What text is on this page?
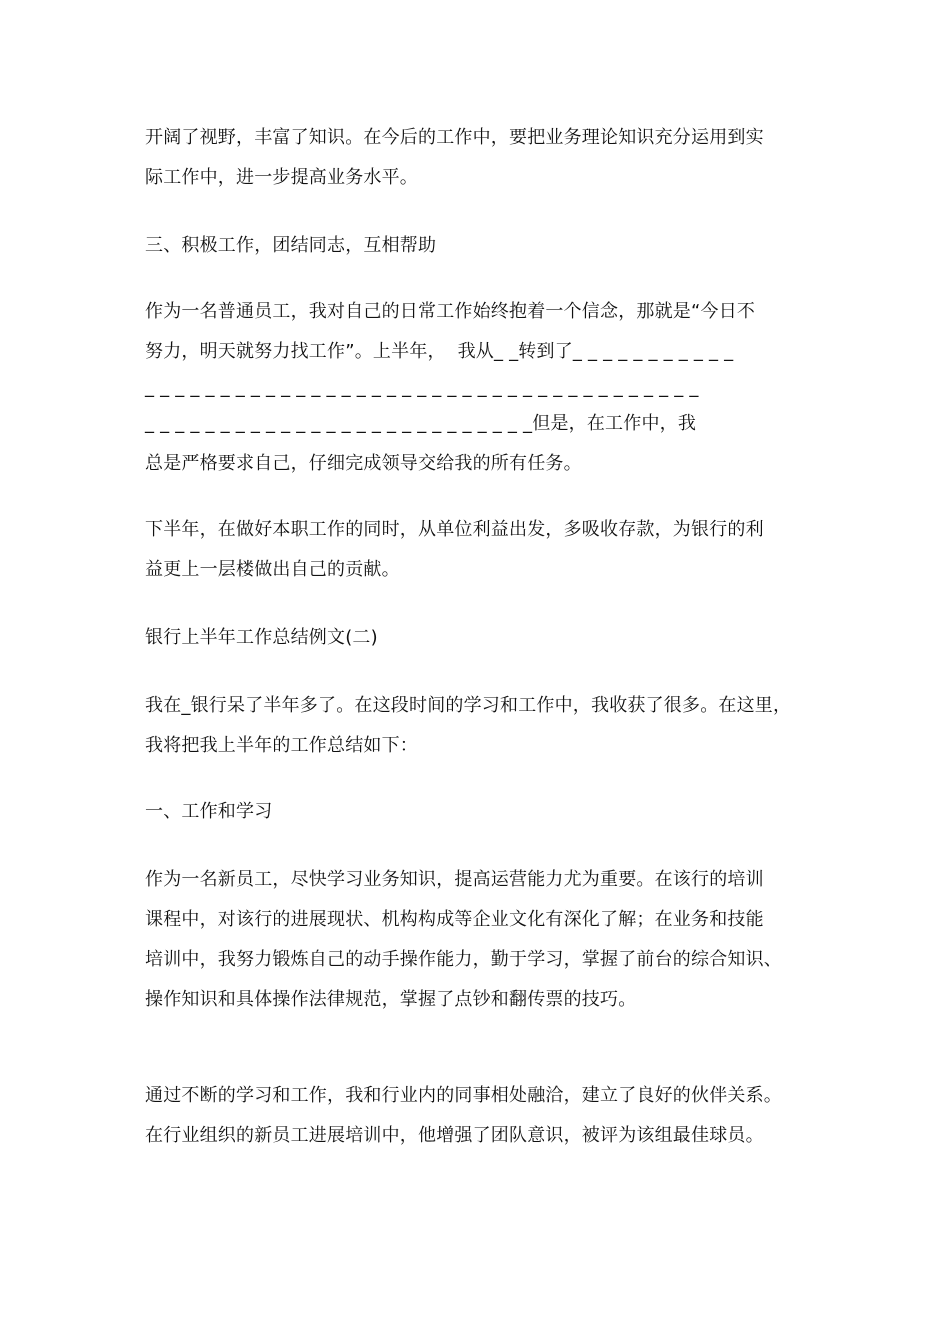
开阔了视野，丰富了知识。在今后的工作中，要把业务理论知识充分运用到实
际工作中，进一步提高业务水平。
三、积极工作，团结同志，互相帮助
作为一名普通员工，我对自己的日常工作始终抱着一个信念，那就是“今日不
努力，明天就努力找工作”。上半年，  我从_ _转到了_ _ _ _ _ _ _ _ _ _ _
_ _ _ _ _ _ _ _ _ _ _ _ _ _ _ _ _ _ _ _ _ _ _ _ _ _ _ _ _ _ _ _ _ _ _ _ _
_ _ _ _ _ _ _ _ _ _ _ _ _ _ _ _ _ _ _ _ _ _ _ _ _ _但是，在工作中，我
总是严格要求自己，仔细完成领导交给我的所有任务。
下半年，在做好本职工作的同时，从单位利益出发，多吸收存款，为银行的利
益更上一层楼做出自己的贡献。
银行上半年工作总结例文(二)
我在_银行呆了半年多了。在这段时间的学习和工作中，我收获了很多。在这里，
我将把我上半年的工作总结如下：
一、工作和学习
作为一名新员工，尽快学习业务知识，提高运营能力尤为重要。在该行的培训
课程中，对该行的进展现状、机构构成等企业文化有深化了解；在业务和技能
培训中，我努力锻炼自己的动手操作能力，勤于学习，掌握了前台的综合知识、
操作知识和具体操作法律规范，掌握了点钞和翻传票的技巧。
通过不断的学习和工作，我和行业内的同事相处融洽，建立了良好的伙伴关系。
在行业组织的新员工进展培训中，他增强了团队意识，被评为该组最佳球员。
